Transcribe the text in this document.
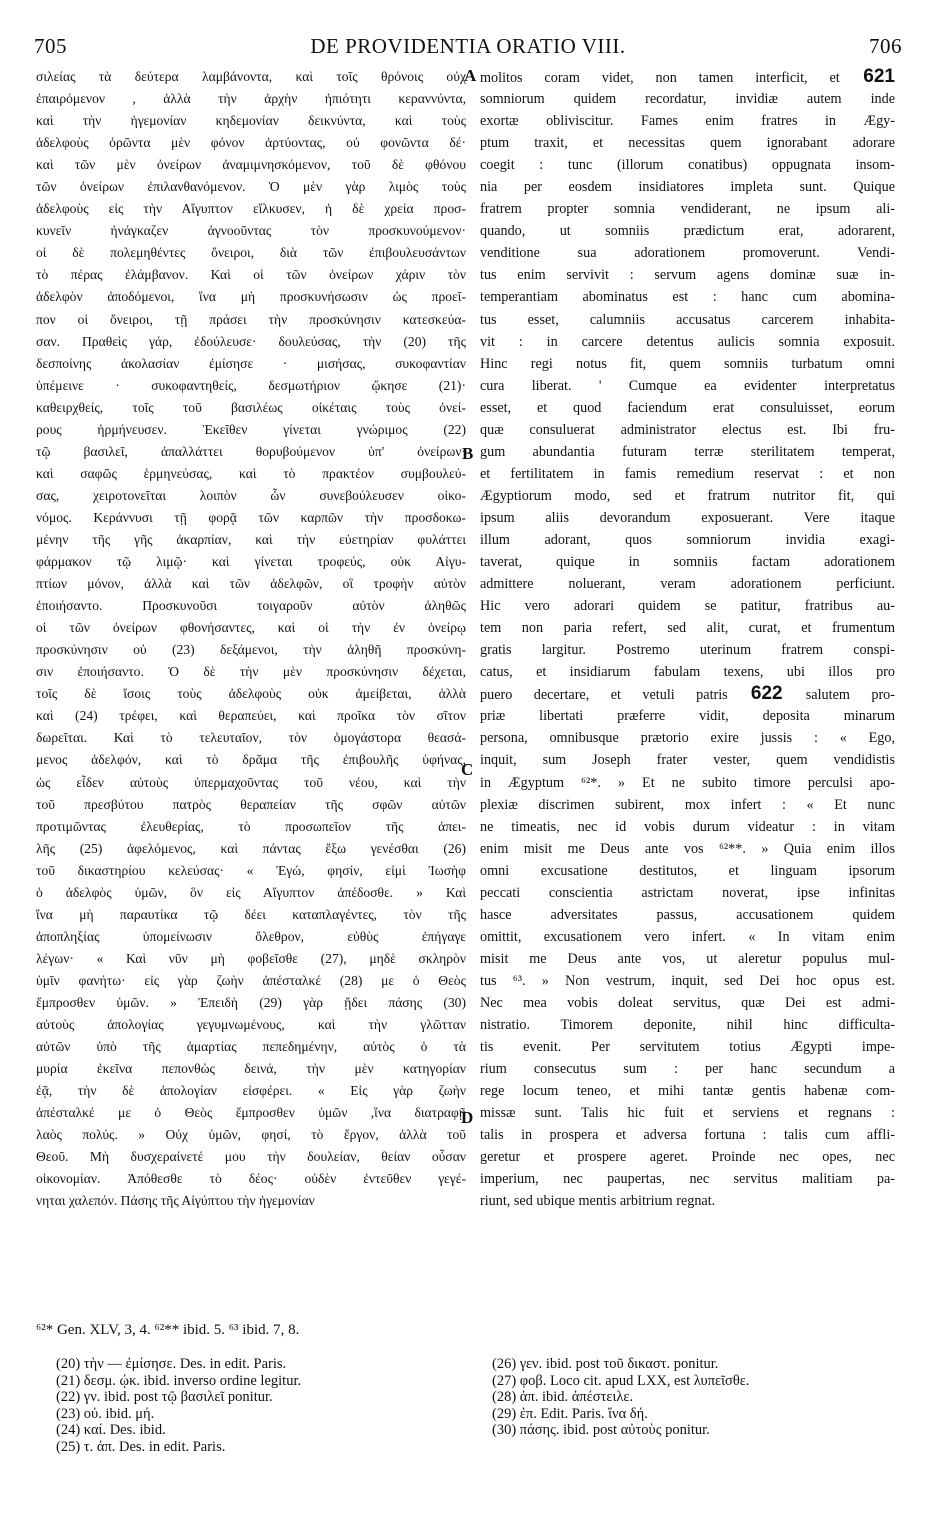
705	DE PROVIDENTIA ORATIO VIII.	706
σιλείας τὰ δεύτερα λαμβάνοντα, καὶ τοῖς θρόνοις οὐχ
ἐπαιρόμενον , ἀλλὰ τὴν ἀρχὴν ἠπιότητι κεραννύντα,
καὶ τὴν ἡγεμονίαν κηδεμονίαν δεικνύντα, καὶ τοὺς
ἀδελφοὺς ὁρῶντα μὲν φόνον ἀρτύοντας, οὐ φονῶντα δέ·
καὶ τῶν μὲν ὀνείρων ἀναμιμνησκόμενον, τοῦ δὲ φθόνου
τῶν ὀνείρων ἐπιλανθανόμενον. Ὁ μὲν γὰρ λιμὸς τοὺς
ἀδελφοὺς εἰς τὴν Αἴγυπτον εἵλκυσεν, ἡ δὲ χρεία προσ-
κυνεῖν ἠνάγκαζεν ἀγνοοῦντας τὸν προσκυνούμενον·
οἱ δὲ πολεμηθέντες ὄνειροι, διὰ τῶν ἐπιβουλευσάντων
τὸ πέρας ἐλάμβανον. Καὶ οἱ τῶν ὀνείρων χάριν τὸν
ἀδελφὸν ἀποδόμενοι, ἵνα μὴ προσκυνήσωσιν ὡς προεῖ-
πον οἱ ὄνειροι, τῇ πράσει τὴν προσκύνησιν κατεσκεύα-
σαν. Πραθεὶς γάρ, ἐδούλευσε· δουλεύσας, τὴν (20) τῆς
δεσποίνης ἀκολασίαν ἐμίσησε · μισήσας, συκοφαντίαν
ὑπέμεινε · συκοφαντηθείς, δεσμωτήριον ᾤκησε (21)·
καθειρχθείς, τοῖς τοῦ βασιλέως οἰκέταις τοὺς ὀνεί-
ρους ἡρμήνευσεν. Ἐκεῖθεν γίνεται γνώριμος (22)
τῷ βασιλεῖ, ἀπαλλάττει θορυβούμενον ὑπ' ὀνείρων·
καὶ σαφῶς ἑρμηνεύσας, καὶ τὸ πρακτέον συμβουλεύ-
σας, χειροτονεῖται λοιπὸν ὧν συνεβούλευσεν οἰκο-
νόμος. Κεράννυσι τῇ φορᾷ τῶν καρπῶν τὴν προσδοκω-
μένην τῆς γῆς ἀκαρπίαν, καὶ τὴν εὐετηρίαν φυλάττει
φάρμακον τῷ λιμῷ· καὶ γίνεται τροφεύς, οὐκ Αἰγυ-
πτίων μόνον, ἀλλὰ καὶ τῶν ἀδελφῶν, οἳ τροφὴν αὐτὸν
ἐποιήσαντο. Προσκυνοῦσι τοιγαροῦν αὐτὸν ἀληθῶς
οἱ τῶν ὀνείρων φθονήσαντες, καὶ οἱ τὴν ἐν ὀνείρῳ
προσκύνησιν οὐ (23) δεξάμενοι, τὴν ἀληθῆ προσκύνη-
σιν ἐποιήσαντο. Ὁ δὲ τὴν μὲν προσκύνησιν δέχεται,
τοῖς δὲ ἴσοις τοὺς ἀδελφοὺς οὐκ ἀμείβεται, ἀλλὰ
καὶ (24) τρέφει, καὶ θεραπεύει, καὶ προῖκα τὸν σῖτον
δωρεῖται. Καὶ τὸ τελευταῖον, τὸν ὁμογάστορα θεασά-
μενος ἀδελφόν, καὶ τὸ δρᾶμα τῆς ἐπιβουλῆς ὑφήνας,
ὡς εἶδεν αὐτοὺς ὑπερμαχοῦντας τοῦ νέου, καὶ τὴν
τοῦ πρεσβύτου πατρὸς θεραπείαν τῆς σφῶν αὐτῶν
προτιμῶντας ἐλευθερίας, τὸ προσωπεῖον τῆς ἀπει-
λῆς (25) ἀφελόμενος, καὶ πάντας ἔξω γενέσθαι (26)
τοῦ δικαστηρίου κελεύσας· « Ἐγώ, φησίν, εἰμὶ Ἰωσὴφ
ὁ ἀδελφὸς ὑμῶν, ὃν εἰς Αἴγυπτον ἀπέδοσθε. » Καὶ
ἵνα μὴ παραυτίκα τῷ δέει καταπλαγέντες, τὸν τῆς
ἀποπληξίας ὑπομείνωσιν ὄλεθρον, εὐθὺς ἐπήγαγε
λέγων· « Καὶ νῦν μὴ φοβεῖσθε (27), μηδὲ σκληρὸν
ὑμῖν φανήτω· εἰς γὰρ ζωὴν ἀπέσταλκέ (28) με ὁ Θεὸς
ἔμπροσθεν ὑμῶν. » Ἐπειδὴ (29) γὰρ ᾔδει πάσης (30)
αὐτοὺς ἀπολογίας γεγυμνωμένους, καὶ τὴν γλῶτταν
αὐτῶν ὑπὸ τῆς ἁμαρτίας πεπεδημένην, αὐτὸς ὁ τὰ
μυρία ἐκεῖνα πεπονθὼς δεινά, τὴν μὲν κατηγορίαν
ἐᾷ, τὴν δὲ ἀπολογίαν εἰσφέρει. « Εἰς γὰρ ζωὴν
ἀπέσταλκέ με ὁ Θεὸς ἔμπροσθεν ὑμῶν ,ἵνα διατραφῇ
λαὸς πολύς. » Οὐχ ὑμῶν, φησί, τὸ ἔργον, ἀλλὰ τοῦ
Θεοῦ. Μὴ δυσχεραίνετέ μου τὴν δουλείαν, θείαν οὖσαν
οἰκονομίαν. Ἀπόθεσθε τὸ δέος· οὐδὲν ἐντεῦθεν γεγέ-
νηται χαλεπόν. Πάσης τῆς Αἰγύπτου τὴν ἡγεμονίαν
A
B
C
D
molitos coram videt, non tamen interficit, et 621
somniorum quidem recordatur, invidiæ autem inde
exortæ obliviscitur. Fames enim fratres in Ægy-
ptum traxit, et necessitas quem ignorabant adorare
coegit : tunc (illorum conatibus) oppugnata insom-
nia per eosdem insidiatores impleta sunt. Quique
fratrem propter somnia vendiderant, ne ipsum ali-
quando, ut somniis prædictum erat, adorarent,
venditione sua adorationem promoverunt. Vendi-
tus enim servivit : servum agens dominæ suæ in-
temperantiam abominatus est : hanc cum abomina-
tus esset, calumniis accusatus carcerem inhabita-
vit : in carcere detentus aulicis somnia exposuit.
Hinc regi notus fit, quem somniis turbatum omni
cura liberat. ' Cumque ea evidenter interpretatus
esset, et quod faciendum erat consuluisset, eorum
quæ consuluerat administrator electus est. Ibi fru-
gum abundantia futuram terræ sterilitatem temperat,
et fertilitatem in famis remedium reservat : et non
Ægyptiorum modo, sed et fratrum nutritor fit, qui
ipsum aliis devorandum exposuerant. Vere itaque
illum adorant, quos somniorum invidia exagi-
taverat, quique in somniis factam adorationem
admittere noluerant, veram adorationem perficiunt.
Hic vero adorari quidem se patitur, fratribus au-
tem non paria refert, sed alit, curat, et frumentum
gratis largitur. Postremo uterinum fratrem conspi-
catus, et insidiarum fabulam texens, ubi illos pro
puero decertare, et vetuli patris 622 salutem pro-
priæ libertati præferre vidit, deposita minarum
persona, omnibusque prætorio exire jussis : « Ego,
inquit, sum Joseph frater vester, quem vendidistis
in Ægyptum ⁶²*. » Et ne subito timore perculsi apo-
plexiæ discrimen subirent, mox infert : « Et nunc
ne timeatis, nec id vobis durum videatur : in vitam
enim misit me Deus ante vos ⁶²**. » Quia enim illos
omni excusatione destitutos, et linguam ipsorum
peccati conscientia astrictam noverat, ipse infinitas
hasce adversitates passus, accusationem quidem
omittit, excusationem vero infert. « In vitam enim
misit me Deus ante vos, ut aleretur populus mul-
tus ⁶³. » Non vestrum, inquit, sed Dei hoc opus est.
Nec mea vobis doleat servitus, quæ Dei est admi-
nistratio. Timorem deponite, nihil hinc difficulta-
tis evenit. Per servitutem totius Ægypti impe-
rium consecutus sum : per hanc secundum a
rege locum teneo, et mihi tantæ gentis habenæ com-
missæ sunt. Talis hic fuit et serviens et regnans :
talis in prospera et adversa fortuna : talis cum affli-
geretur et prospere ageret. Proinde nec opes, nec
imperium, nec paupertas, nec servitus malitiam pa-
riunt, sed ubique mentis arbitrium regnat.
⁶²* Gen. XLV, 3, 4. ⁶²** ibid. 5. ⁶³ ibid. 7, 8.
(20) τὴν — ἐμίσησε. Des. in edit. Paris.
(21) δεσμ. ῴκ. ibid. inverso ordine legitur.
(22) γν. ibid. post τῷ βασιλεῖ ponitur.
(23) οὐ. ibid. μή.
(24) καί. Des. ibid.
(25) τ. ἀπ. Des. in edit. Paris.
(26) γεν. ibid. post τοῦ δικαστ. ponitur.
(27) φοβ. Loco cit. apud LXX, est λυπεῖσθε.
(28) ἀπ. ibid. ἀπέστειλε.
(29) ἐπ. Edit. Paris. ἵνα δή.
(30) πάσης. ibid. post αὐτοὺς ponitur.
